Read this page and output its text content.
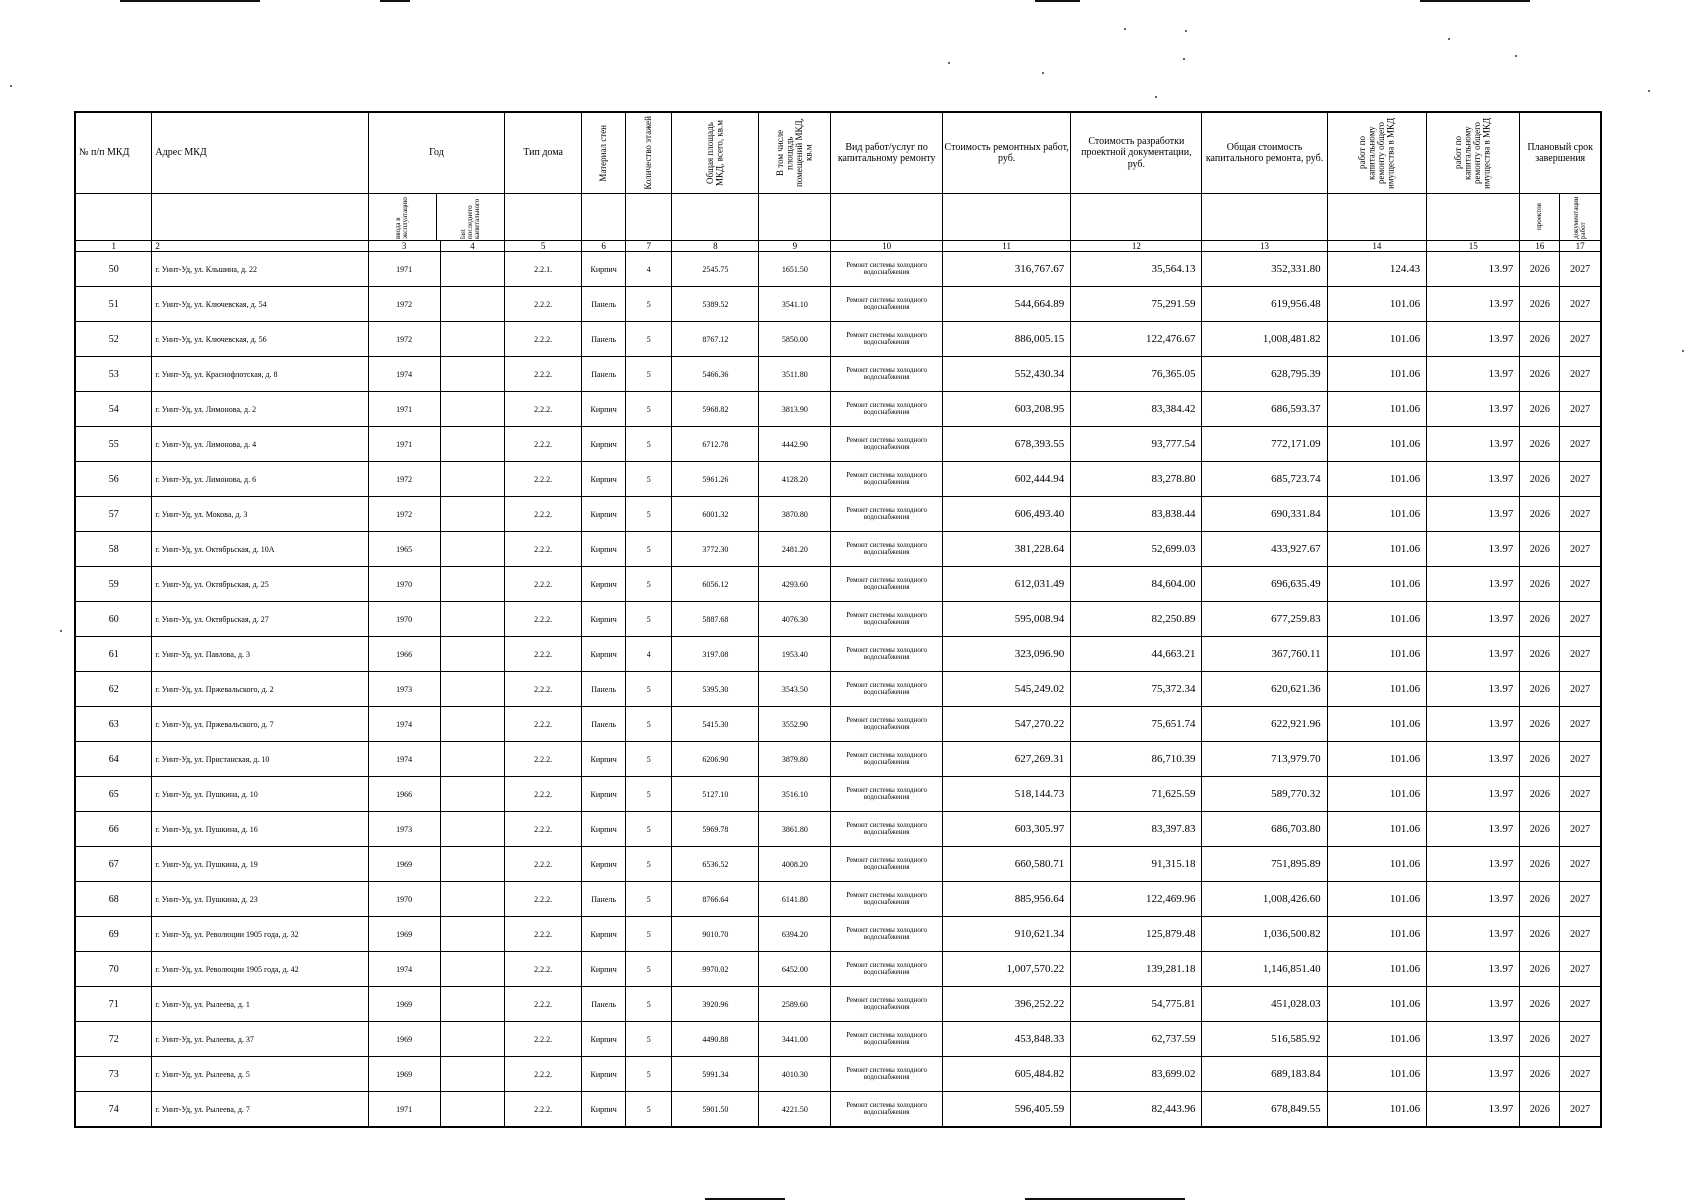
№ п/п МКД	Адрес МКД	Год		Тип дома	Материал стен	Количество этажей	Общая площадь МКД, всего, кв.м	В том числе площадь помещений МКД, кв.м	Вид работ/услуг по капитальному ремонту	Стоимость ремонтных работ, руб.	Стоимость разработки проектной документации, руб.	Общая стоимость капитального ремонта, руб.	работ по капитальному ремонту общего имущества в МКД	работ по капитальному ремонту общего имущества в МКД	Плановый срок завершения	

		ввода в эксплуатацию last последнего капитального													проектов	документации работ

1	2	3	4	5	6	7	8	9	10	11	12	13	14	15	16	17
50	г. Уинт-Уд, ул. Кльшина, д. 22	1971		2.2.1.	Кирпич	4	2545.75	1651.50	Ремонт системы холодного водоснабжения	316,767.67	35,564.13	352,331.80	124.43	13.97	2026	2027
51	г. Уинт-Уд, ул. Ключевская, д. 54	1972		2.2.2.	Панель	5	5389.52	3541.10	Ремонт системы холодного водоснабжения	544,664.89	75,291.59	619,956.48	101.06	13.97	2026	2027
52	г. Уинт-Уд, ул. Ключевская, д. 56	1972		2.2.2.	Панель	5	8767.12	5850.00	Ремонт системы холодного водоснабжения	886,005.15	122,476.67	1,008,481.82	101.06	13.97	2026	2027
53	г. Уинт-Уд, ул. Краснофлотская, д. 8	1974		2.2.2.	Панель	5	5466.36	3511.80	Ремонт системы холодного водоснабжения	552,430.34	76,365.05	628,795.39	101.06	13.97	2026	2027
54	г. Уинт-Уд, ул. Лимонова, д. 2	1971		2.2.2.	Кирпич	5	5968.82	3813.90	Ремонт системы холодного водоснабжения	603,208.95	83,384.42	686,593.37	101.06	13.97	2026	2027
55	г. Уинт-Уд, ул. Лимонова, д. 4	1971		2.2.2.	Кирпич	5	6712.78	4442.90	Ремонт системы холодного водоснабжения	678,393.55	93,777.54	772,171.09	101.06	13.97	2026	2027
56	г. Уинт-Уд, ул. Лимонова, д. 6	1972		2.2.2.	Кирпич	5	5961.26	4128.20	Ремонт системы холодного водоснабжения	602,444.94	83,278.80	685,723.74	101.06	13.97	2026	2027
57	г. Уинт-Уд, ул. Мокова, д. 3	1972		2.2.2.	Кирпич	5	6001.32	3870.80	Ремонт системы холодного водоснабжения	606,493.40	83,838.44	690,331.84	101.06	13.97	2026	2027
58	г. Уинт-Уд, ул. Октябрьская, д. 10А	1965		2.2.2.	Кирпич	5	3772.30	2481.20	Ремонт системы холодного водоснабжения	381,228.64	52,699.03	433,927.67	101.06	13.97	2026	2027
59	г. Уинт-Уд, ул. Октябрьская, д. 25	1970		2.2.2.	Кирпич	5	6056.12	4293.60	Ремонт системы холодного водоснабжения	612,031.49	84,604.00	696,635.49	101.06	13.97	2026	2027
60	г. Уинт-Уд, ул. Октябрьская, д. 27	1970		2.2.2.	Кирпич	5	5887.68	4076.30	Ремонт системы холодного водоснабжения	595,008.94	82,250.89	677,259.83	101.06	13.97	2026	2027
61	г. Уинт-Уд, ул. Павлова, д. 3	1966		2.2.2.	Кирпич	4	3197.08	1953.40	Ремонт системы холодного водоснабжения	323,096.90	44,663.21	367,760.11	101.06	13.97	2026	2027
62	г. Уинт-Уд, ул. Пржевальского, д. 2	1973		2.2.2.	Панель	5	5395.30	3543.50	Ремонт системы холодного водоснабжения	545,249.02	75,372.34	620,621.36	101.06	13.97	2026	2027
63	г. Уинт-Уд, ул. Пржевальского, д. 7	1974		2.2.2.	Панель	5	5415.30	3552.90	Ремонт системы холодного водоснабжения	547,270.22	75,651.74	622,921.96	101.06	13.97	2026	2027
64	г. Уинт-Уд, ул. Пристанская, д. 10	1974		2.2.2.	Кирпич	5	6206.90	3879.80	Ремонт системы холодного водоснабжения	627,269.31	86,710.39	713,979.70	101.06	13.97	2026	2027
65	г. Уинт-Уд, ул. Пушкина, д. 10	1966		2.2.2.	Кирпич	5	5127.10	3516.10	Ремонт системы холодного водоснабжения	518,144.73	71,625.59	589,770.32	101.06	13.97	2026	2027
66	г. Уинт-Уд, ул. Пушкина, д. 16	1973		2.2.2.	Кирпич	5	5969.78	3861.80	Ремонт системы холодного водоснабжения	603,305.97	83,397.83	686,703.80	101.06	13.97	2026	2027
67	г. Уинт-Уд, ул. Пушкина, д. 19	1969		2.2.2.	Кирпич	5	6536.52	4008.20	Ремонт системы холодного водоснабжения	660,580.71	91,315.18	751,895.89	101.06	13.97	2026	2027
68	г. Уинт-Уд, ул. Пушкина, д. 23	1970		2.2.2.	Панель	5	8766.64	6141.80	Ремонт системы холодного водоснабжения	885,956.64	122,469.96	1,008,426.60	101.06	13.97	2026	2027
69	г. Уинт-Уд, ул. Революции 1905 года, д. 32	1969		2.2.2.	Кирпич	5	9010.70	6394.20	Ремонт системы холодного водоснабжения	910,621.34	125,879.48	1,036,500.82	101.06	13.97	2026	2027
70	г. Уинт-Уд, ул. Революции 1905 года, д. 42	1974		2.2.2.	Кирпич	5	9970.02	6452.00	Ремонт системы холодного водоснабжения	1,007,570.22	139,281.18	1,146,851.40	101.06	13.97	2026	2027
71	г. Уинт-Уд, ул. Рылеева, д. 1	1969		2.2.2.	Панель	5	3920.96	2589.60	Ремонт системы холодного водоснабжения	396,252.22	54,775.81	451,028.03	101.06	13.97	2026	2027
72	г. Уинт-Уд, ул. Рылеева, д. 37	1969		2.2.2.	Кирпич	5	4490.88	3441.00	Ремонт системы холодного водоснабжения	453,848.33	62,737.59	516,585.92	101.06	13.97	2026	2027
73	г. Уинт-Уд, ул. Рылеева, д. 5	1969		2.2.2.	Кирпич	5	5991.34	4010.30	Ремонт системы холодного водоснабжения	605,484.82	83,699.02	689,183.84	101.06	13.97	2026	2027
74	г. Уинт-Уд, ул. Рылеева, д. 7	1971		2.2.2.	Кирпич	5	5901.50	4221.50	Ремонт системы холодного водоснабжения	596,405.59	82,443.96	678,849.55	101.06	13.97	2026	2027
